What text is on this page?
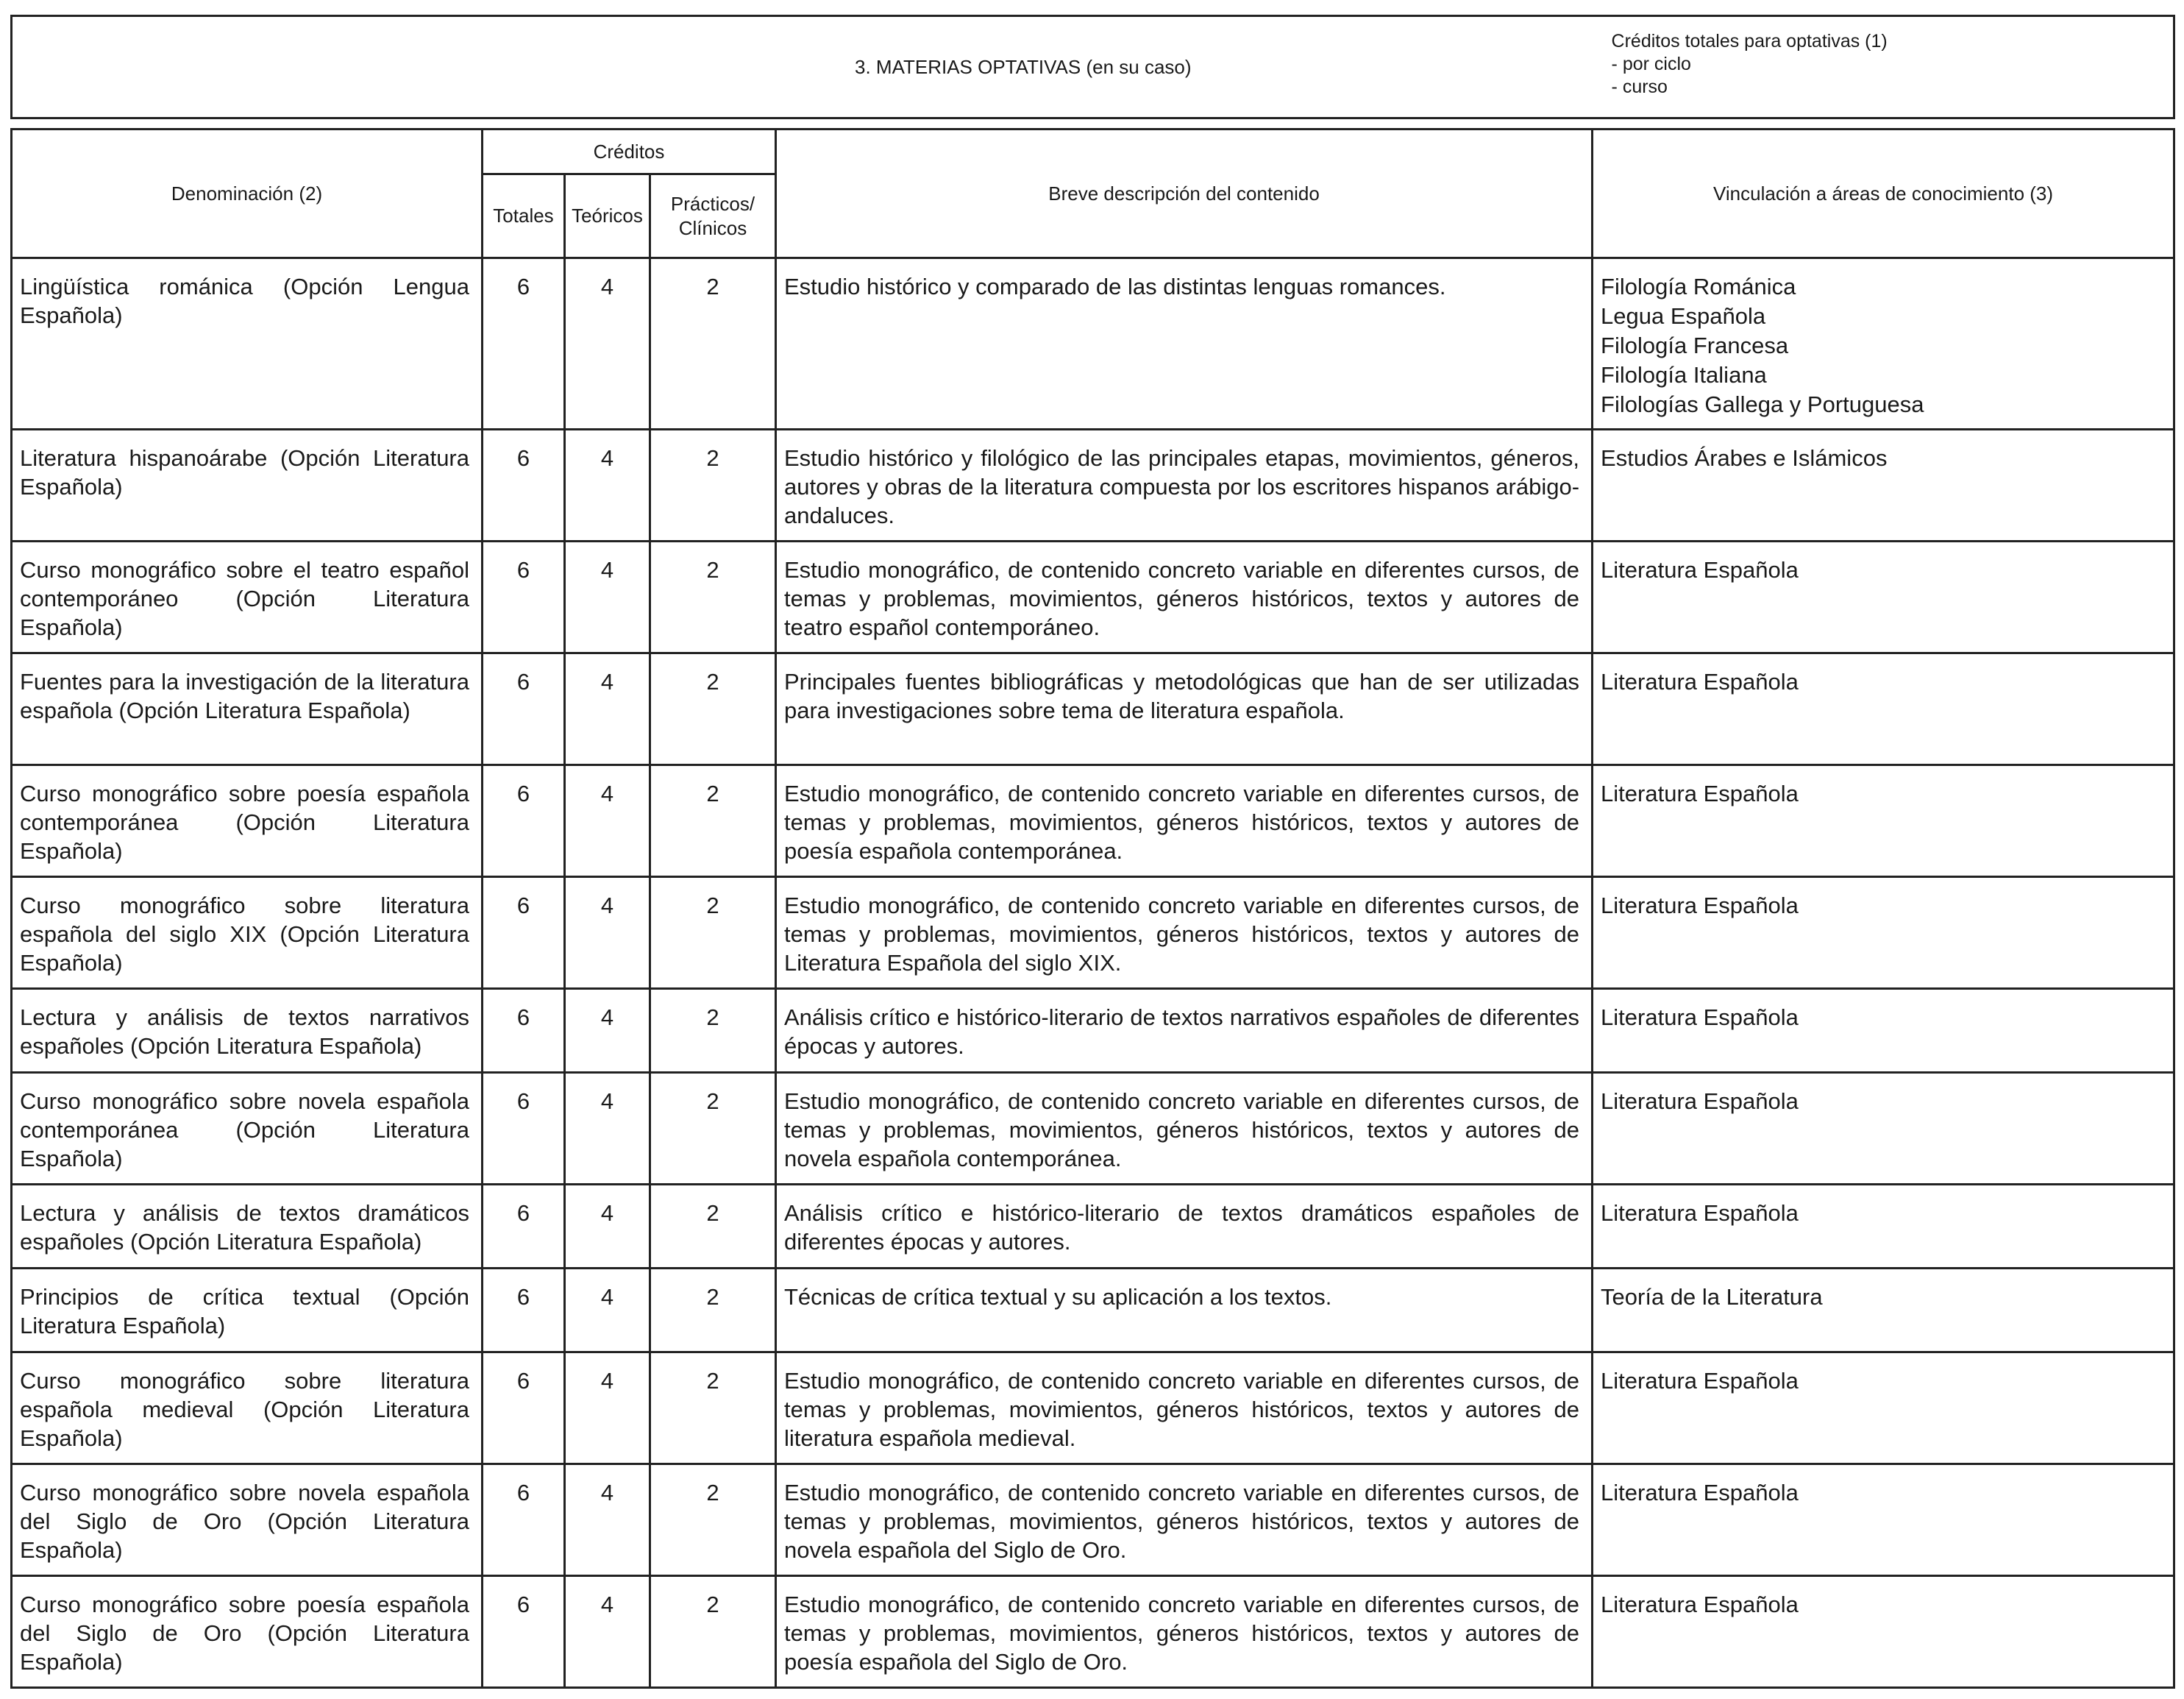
3. MATERIAS OPTATIVAS (en su caso)					Créditos totales para optativas (1)
- por ciclo
- curso

Denominación (2)	Créditos			Breve descripción del contenido	Vinculación a áreas de conocimiento (3)
	Totales	Teóricos	Prácticos/ Clínicos		
Lingüística románica (Opción Lengua Española)	6	4	2	Estudio histórico y comparado de las distintas lenguas romances.	Filología Románica
Legua Española
Filología Francesa
Filología Italiana
Filologías Gallega y Portuguesa

Literatura hispanoárabe (Opción Literatura Española)	6	4	2	Estudio histórico y filológico de las principales etapas, movimientos, géneros, autores y obras de la literatura compuesta por los escritores hispanos arábigo-andaluces.	Estudios Árabes e Islámicos

Curso monográfico sobre el teatro español contemporáneo (Opción Literatura Española)	6	4	2	Estudio monográfico, de contenido concreto variable en diferentes cursos, de temas y problemas, movimientos, géneros históricos, textos y autores de teatro español contemporáneo.	Literatura Española

Fuentes para la investigación de la literatura española (Opción Literatura Española)	6	4	2	Principales fuentes bibliográficas y metodológicas que han de ser utilizadas para investigaciones sobre tema de literatura española.	Literatura Española

Curso monográfico sobre poesía española contemporánea (Opción Literatura Española)	6	4	2	Estudio monográfico, de contenido concreto variable en diferentes cursos, de temas y problemas, movimientos, géneros históricos, textos y autores de poesía española contemporánea.	Literatura Española

Curso monográfico sobre literatura española del siglo XIX (Opción Literatura Española)	6	4	2	Estudio monográfico, de contenido concreto variable en diferentes cursos, de temas y problemas, movimientos, géneros históricos, textos y autores de Literatura Española del siglo XIX.	Literatura Española

Lectura y análisis de textos narrativos españoles (Opción Literatura Española)	6	4	2	Análisis crítico e histórico-literario de textos narrativos españoles de diferentes épocas y autores.	Literatura Española

Curso monográfico sobre novela española contemporánea (Opción Literatura Española)	6	4	2	Estudio monográfico, de contenido concreto variable en diferentes cursos, de temas y problemas, movimientos, géneros históricos, textos y autores de novela española contemporánea.	Literatura Española

Lectura y análisis de textos dramáticos españoles (Opción Literatura Española)	6	4	2	Análisis crítico e histórico-literario de textos dramáticos españoles de diferentes épocas y autores.	Literatura Española

Principios de crítica textual (Opción Literatura Española)	6	4	2	Técnicas de crítica textual y su aplicación a los textos.	Teoría de la Literatura

Curso monográfico sobre literatura española medieval (Opción Literatura Española)	6	4	2	Estudio monográfico, de contenido concreto variable en diferentes cursos, de temas y problemas, movimientos, géneros históricos, textos y autores de literatura española medieval.	Literatura Española

Curso monográfico sobre novela española del Siglo de Oro (Opción Literatura Española)	6	4	2	Estudio monográfico, de contenido concreto variable en diferentes cursos, de temas y problemas, movimientos, géneros históricos, textos y autores de novela española del Siglo de Oro.	Literatura Española

Curso monográfico sobre poesía española del Siglo de Oro (Opción Literatura Española)	6	4	2	Estudio monográfico, de contenido concreto variable en diferentes cursos, de temas y problemas, movimientos, géneros históricos, textos y autores de poesía española del Siglo de Oro.	Literatura Española
